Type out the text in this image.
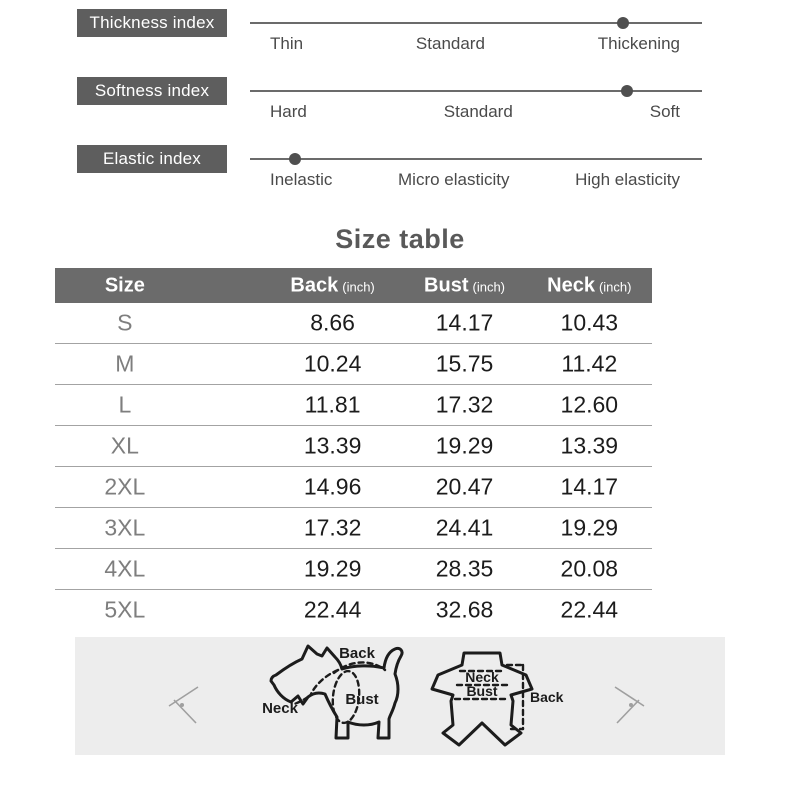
Thickness index
Thin	Standard	Thickening
Softness index
Hard	Standard	Soft
Elastic index
Inelastic	Micro elasticity	High elasticity
Size table
Size	Back (inch) Bust (inch) Neck (inch)
S	8.66	14.17	10.43
M	10.24	15.75	11.42
L	11.81	17.32	12.60
XL	13.39	19.29	13.39
2XL	14.96	20.47	14.17
3XL	17.32	24.41	19.29
4XL	19.29	28.35	20.08
5XL	22.44	32.68	22.44
Back
Neck
Bust
Neck
Bust Back
